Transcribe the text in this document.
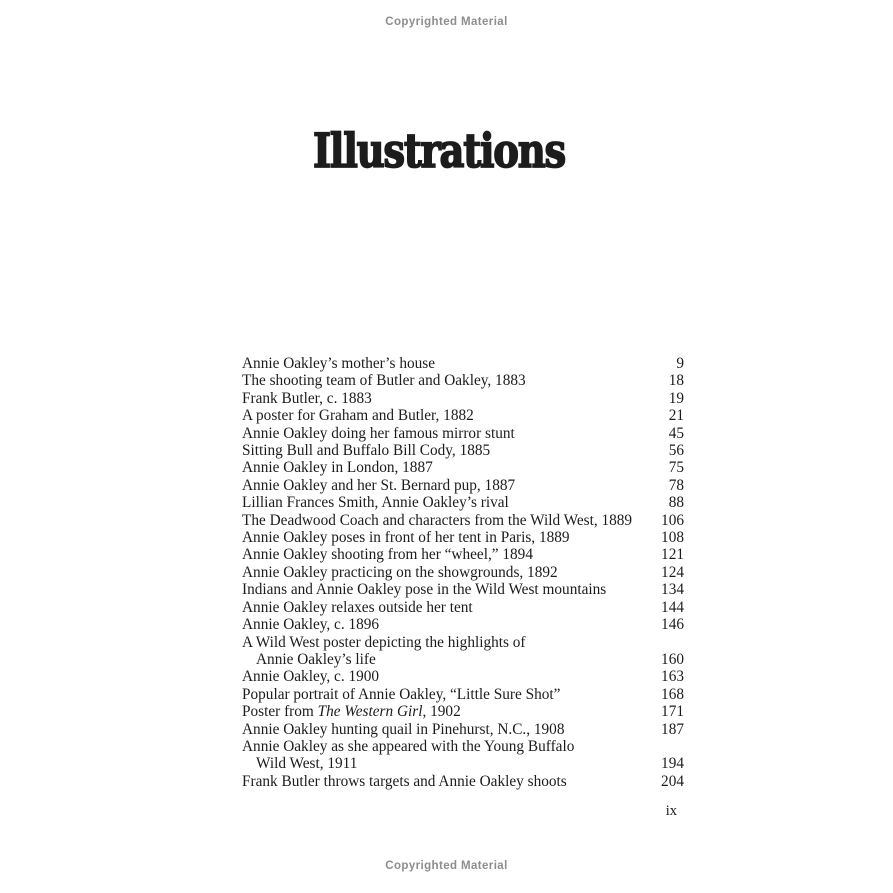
Copyrighted Material
Illustrations
Annie Oakley’s mother’s house	9
The shooting team of Butler and Oakley, 1883	18
Frank Butler, c. 1883	19
A poster for Graham and Butler, 1882	21
Annie Oakley doing her famous mirror stunt	45
Sitting Bull and Buffalo Bill Cody, 1885	56
Annie Oakley in London, 1887	75
Annie Oakley and her St. Bernard pup, 1887	78
Lillian Frances Smith, Annie Oakley’s rival	88
The Deadwood Coach and characters from the Wild West, 1889	106
Annie Oakley poses in front of her tent in Paris, 1889	108
Annie Oakley shooting from her “wheel,” 1894	121
Annie Oakley practicing on the showgrounds, 1892	124
Indians and Annie Oakley pose in the Wild West mountains	134
Annie Oakley relaxes outside her tent	144
Annie Oakley, c. 1896	146
A Wild West poster depicting the highlights of
Annie Oakley’s life	160
Annie Oakley, c. 1900	163
Popular portrait of Annie Oakley, “Little Sure Shot”	168
Poster from The Western Girl, 1902	171
Annie Oakley hunting quail in Pinehurst, N.C., 1908	187
Annie Oakley as she appeared with the Young Buffalo
Wild West, 1911	194
Frank Butler throws targets and Annie Oakley shoots	204
ix
Copyrighted Material
